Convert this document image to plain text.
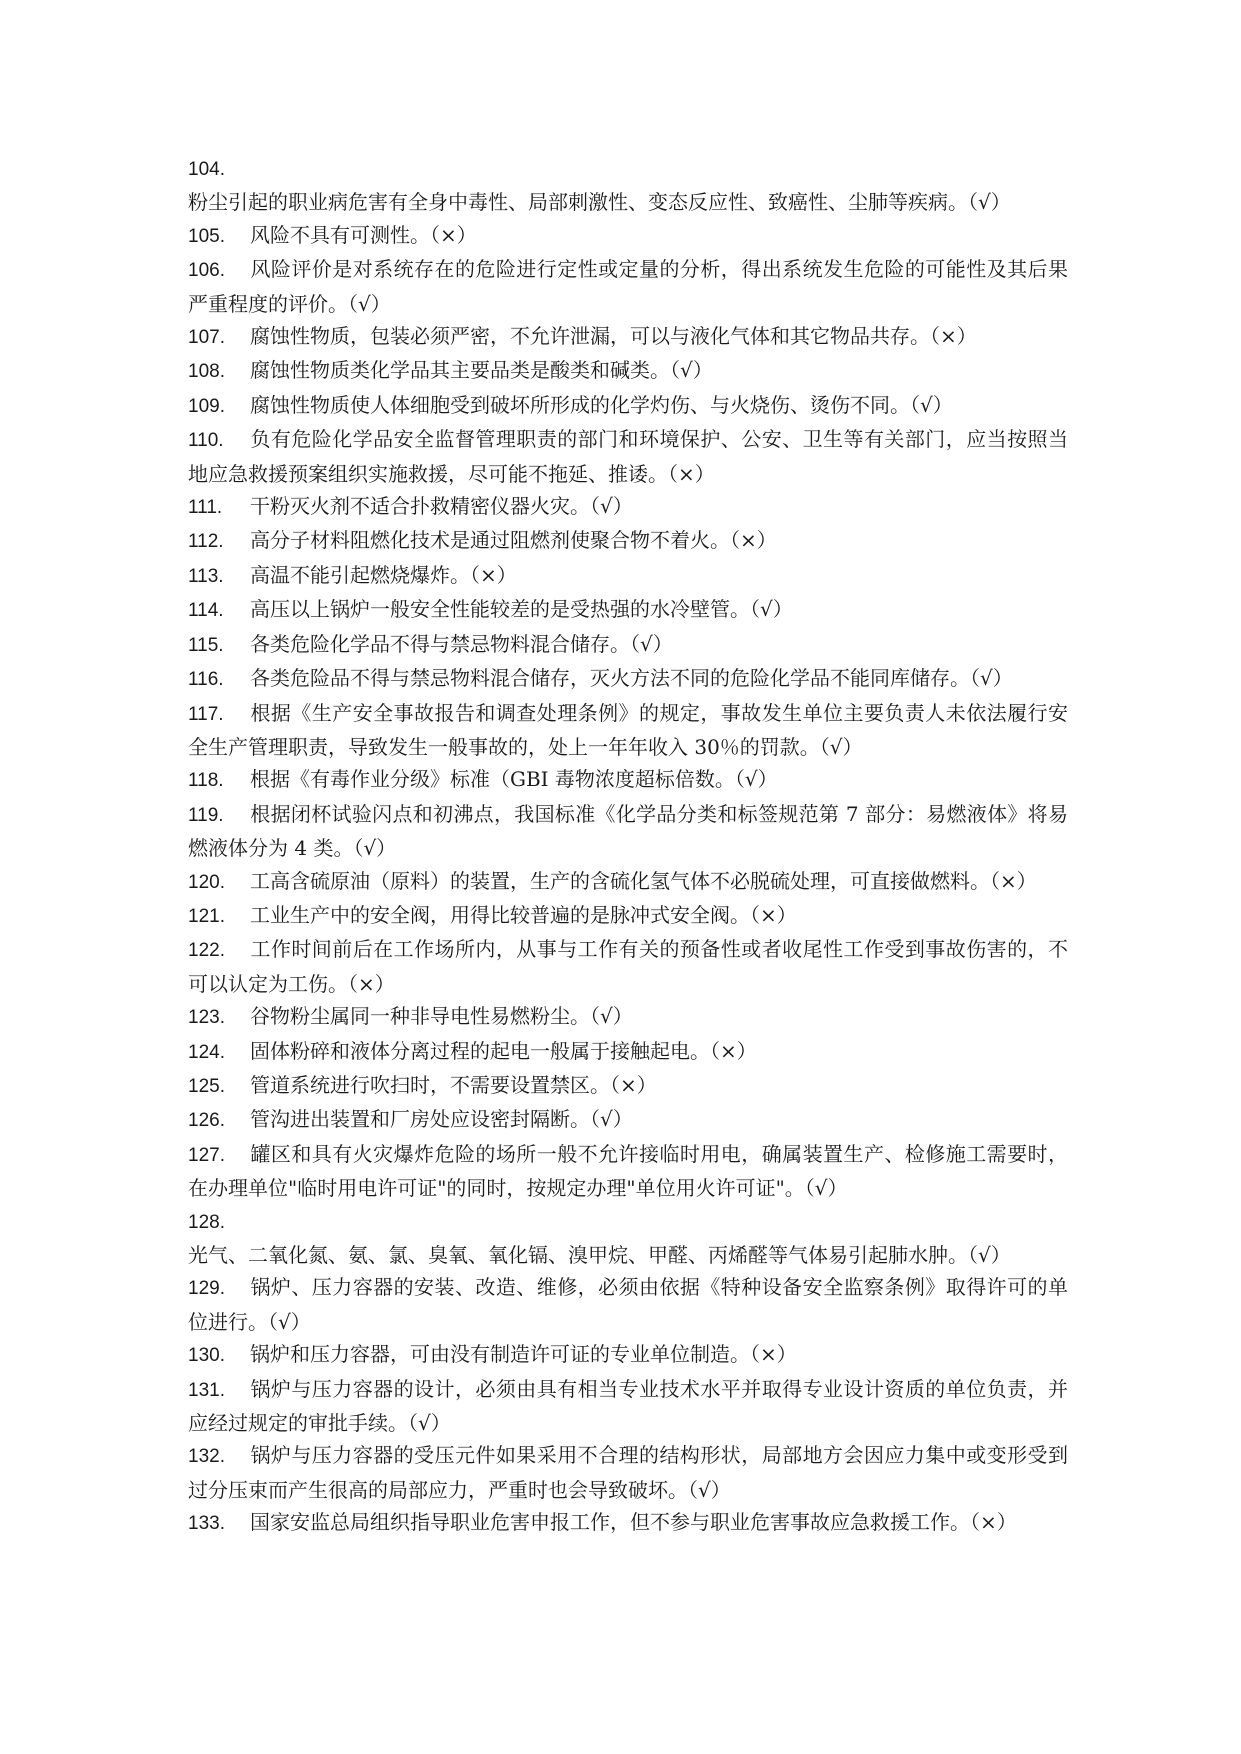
104.粉尘引起的职业病危害有全身中毒性、局部刺激性、变态反应性、致癌性、尘肺等疾病。（√）

105. 风险不具有可测性。（×）

106. 风险评价是对系统存在的危险进行定性或定量的分析，得出系统发生危险的可能性及其后果严重程度的评价。（√）

107. 腐蚀性物质，包装必须严密，不允许泄漏，可以与液化气体和其它物品共存。（×）

108. 腐蚀性物质类化学品其主要品类是酸类和碱类。（√）

109. 腐蚀性物质使人体细胞受到破坏所形成的化学灼伤、与火烧伤、烫伤不同。（√）

110. 负有危险化学品安全监督管理职责的部门和环境保护、公安、卫生等有关部门，应当按照当地应急救援预案组织实施救援，尽可能不拖延、推诿。（×）

111. 干粉灭火剂不适合扑救精密仪器火灾。（√）

112. 高分子材料阻燃化技术是通过阻燃剂使聚合物不着火。（×）

113. 高温不能引起燃烧爆炸。（×）

114. 高压以上锅炉一般安全性能较差的是受热强的水冷壁管。（√）

115. 各类危险化学品不得与禁忌物料混合储存。（√）

116. 各类危险品不得与禁忌物料混合储存，灭火方法不同的危险化学品不能同库储存。（√）

117. 根据《生产安全事故报告和调查处理条例》的规定，事故发生单位主要负责人未依法履行安全生产管理职责，导致发生一般事故的，处上一年年收入 30％的罚款。（√）

118. 根据《有毒作业分级》标准（GBI 毒物浓度超标倍数。（√）

119. 根据闭杯试验闪点和初沸点，我国标准《化学品分类和标签规范第 7 部分：易燃液体》将易燃液体分为 4 类。（√）

120. 工高含硫原油（原料）的装置，生产的含硫化氢气体不必脱硫处理，可直接做燃料。（×）

121. 工业生产中的安全阀，用得比较普遍的是脉冲式安全阀。（×）

122. 工作时间前后在工作场所内，从事与工作有关的预备性或者收尾性工作受到事故伤害的，不可以认定为工伤。（×）

123. 谷物粉尘属同一种非导电性易燃粉尘。（√）

124. 固体粉碎和液体分离过程的起电一般属于接触起电。（×）

125. 管道系统进行吹扫时，不需要设置禁区。（×）

126. 管沟进出装置和厂房处应设密封隔断。（√）

127. 罐区和具有火灾爆炸危险的场所一般不允许接临时用电，确属装置生产、检修施工需要时，在办理单位"临时用电许可证"的同时，按规定办理"单位用火许可证"。（√）

128.光气、二氧化氮、氨、氯、臭氧、氧化镉、溴甲烷、甲醛、丙烯醛等气体易引起肺水肿。（√）

129. 锅炉、压力容器的安装、改造、维修，必须由依据《特种设备安全监察条例》取得许可的单位进行。（√）

130. 锅炉和压力容器，可由没有制造许可证的专业单位制造。（×）

131. 锅炉与压力容器的设计，必须由具有相当专业技术水平并取得专业设计资质的单位负责，并应经过规定的审批手续。（√）

132. 锅炉与压力容器的受压元件如果采用不合理的结构形状，局部地方会因应力集中或变形受到过分压束而产生很高的局部应力，严重时也会导致破坏。（√）

133. 国家安监总局组织指导职业危害申报工作，但不参与职业危害事故应急救援工作。（×）
